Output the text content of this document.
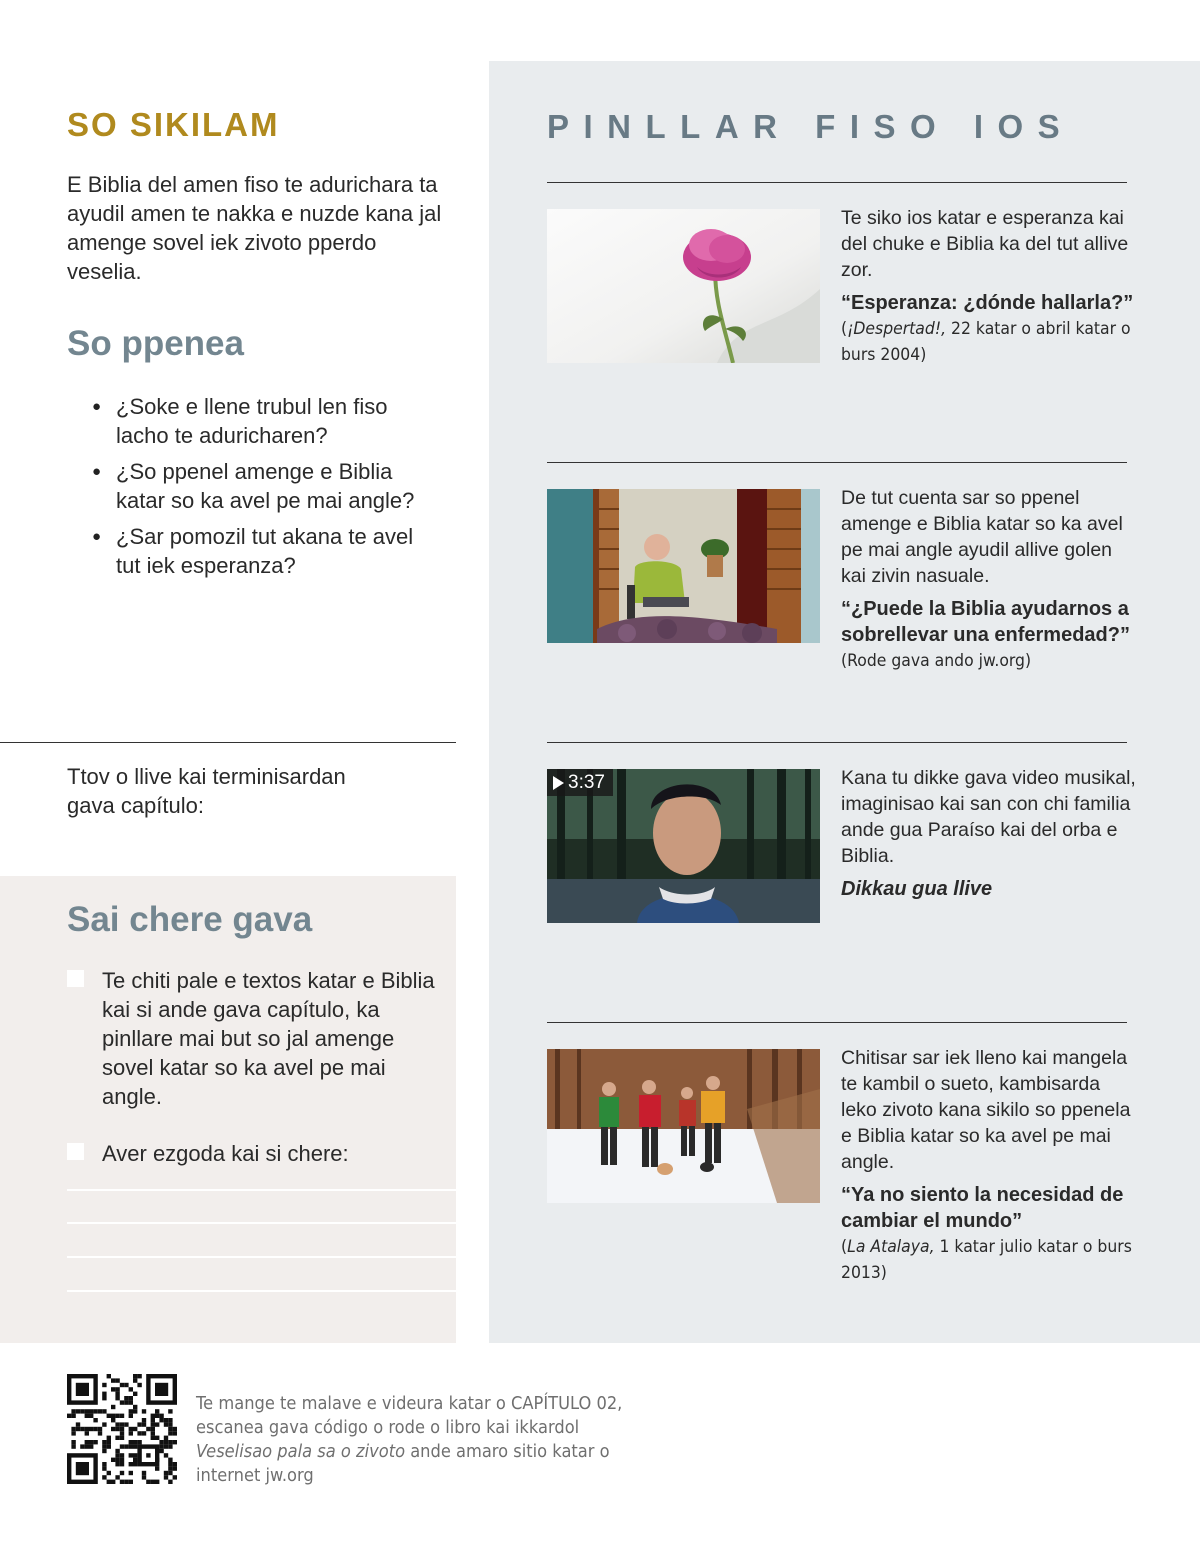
SO SIKILAM

E Biblia del amen fiso te adurichara ta ayudil amen te nakka e nuzde kana jal amenge sovel iek zivoto pperdo veselia.

So ppenea
● ¿Soke e llene trubul len fiso lacho te aduricharen?
● ¿So ppenel amenge e Biblia katar so ka avel pe mai angle?
● ¿Sar pomozil tut akana te avel tut iek esperanza?

Ttov o llive kai terminisardan gava capítulo:

Sai chere gava
Te chiti pale e textos katar e Biblia kai si ande gava capítulo, ka pinllare mai but so jal amenge sovel katar so ka avel pe mai angle.
Aver ezgoda kai si chere:
PINLLAR FISO IOS
Te siko ios katar e esperanza kai del chuke e Biblia ka del tut allive zor.
“Esperanza: ¿dónde hallarla?”
(¡Despertad!, 22 katar o abril katar o burs 2004)
De tut cuenta sar so ppenel amenge e Biblia katar so ka avel pe mai angle ayudil allive golen kai zivin nasuale.
“¿Puede la Biblia ayudarnos a sobrellevar una enfermedad?”
(Rode gava ando jw.org)
3:37	Kana tu dikke gava video musikal, imaginisao kai san con chi familia ande gua Paraíso kai del orba e Biblia.
Dikkau gua llive
Chitisar sar iek lleno kai mangela te kambil o sueto, kambisarda leko zivoto kana sikilo so ppenela e Biblia katar so ka avel pe mai angle.
“Ya no siento la necesidad de cambiar el mundo”
(La Atalaya, 1 katar julio katar o burs 2013)

Te mange te malave e videura katar o CAPÍTULO 02, escanea gava código o rode o libro kai ikkardol Veselisao pala sa o zivoto ande amaro sitio katar o internet jw.org
